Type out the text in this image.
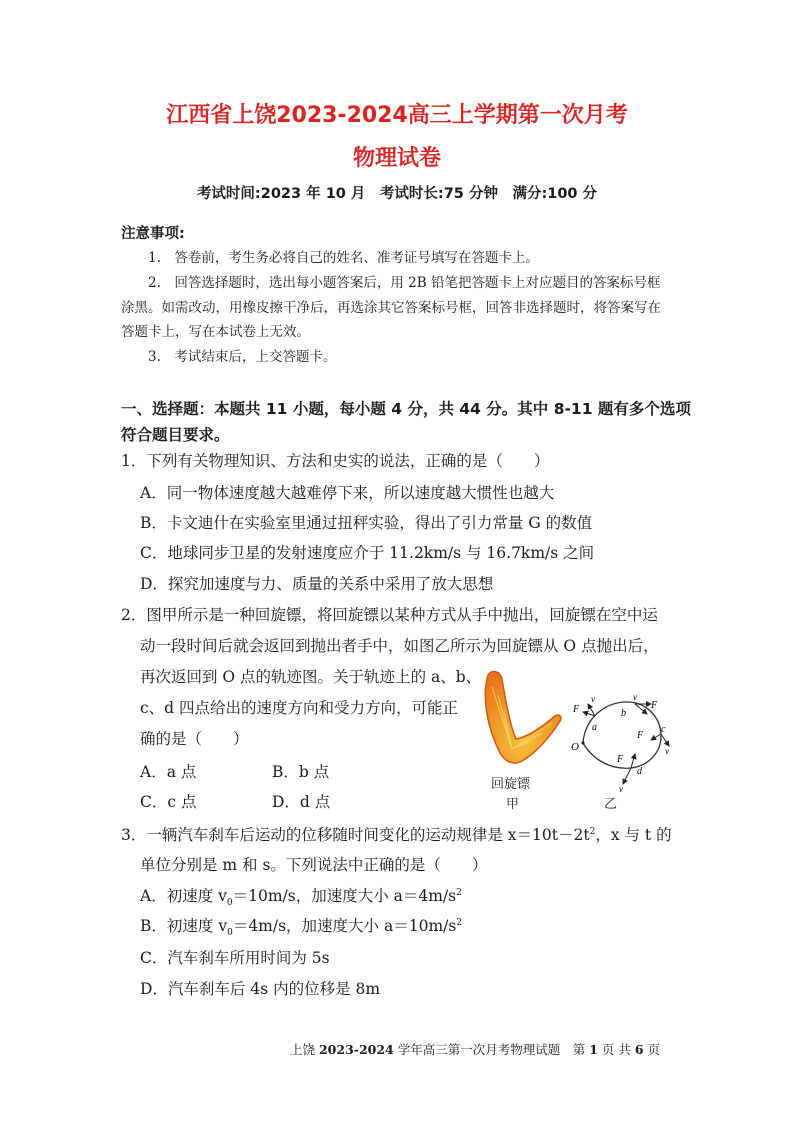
江西省上饶2023-2024高三上学期第一次月考
物理试卷
考试时间:2023 年 10 月　考试时长:75 分钟　满分:100 分
注意事项:
1.　答卷前，考生务必将自己的姓名、准考证号填写在答题卡上。
2.　回答选择题时，选出每小题答案后，用 2B 铅笔把答题卡上对应题目的答案标号框
涂黑。如需改动，用橡皮擦干净后，再选涂其它答案标号框，回答非选择题时，将答案写在
答题卡上，写在本试卷上无效。
3.　考试结束后，上交答题卡。
一、选择题：本题共 11 小题，每小题 4 分，共 44 分。其中 8-11 题有多个选项
符合题目要求。
1．下列有关物理知识、方法和史实的说法，正确的是（　　）
A．同一物体速度越大越难停下来，所以速度越大惯性也越大
B．卡文迪什在实验室里通过扭秤实验，得出了引力常量 G 的数值
C．地球同步卫星的发射速度应介于 11.2km/s 与 16.7km/s 之间
D．探究加速度与力、质量的关系中采用了放大思想
2．图甲所示是一种回旋镖，将回旋镖以某种方式从手中抛出，回旋镖在空中运
动一段时间后就会返回到抛出者手中，如图乙所示为回旋镖从 O 点抛出后，
再次返回到 O 点的轨迹图。关于轨迹上的 a、b、
c、d 四点给出的速度方向和受力方向，可能正
确的是（　　）
A．a 点	B．b 点
C．c 点	D．d 点
回旋镖
甲
O
a
F
v
b
v
F
c
F
v
F
d
v
乙
3．一辆汽车刹车后运动的位移随时间变化的运动规律是 $x=10t-2t^2$，x 与 t 的
单位分别是 m 和 s。下列说法中正确的是（　　）
A．初速度 $v_0=10m/s$，加速度大小 $a=4m/s^2$
B．初速度 $v_0=4m/s$，加速度大小 $a=10m/s^2$
C．汽车刹车所用时间为 5s
D．汽车刹车后 4s 内的位移是 8m
上饶 2023-2024 学年高三第一次月考物理试题　第 1 页 共 6 页
